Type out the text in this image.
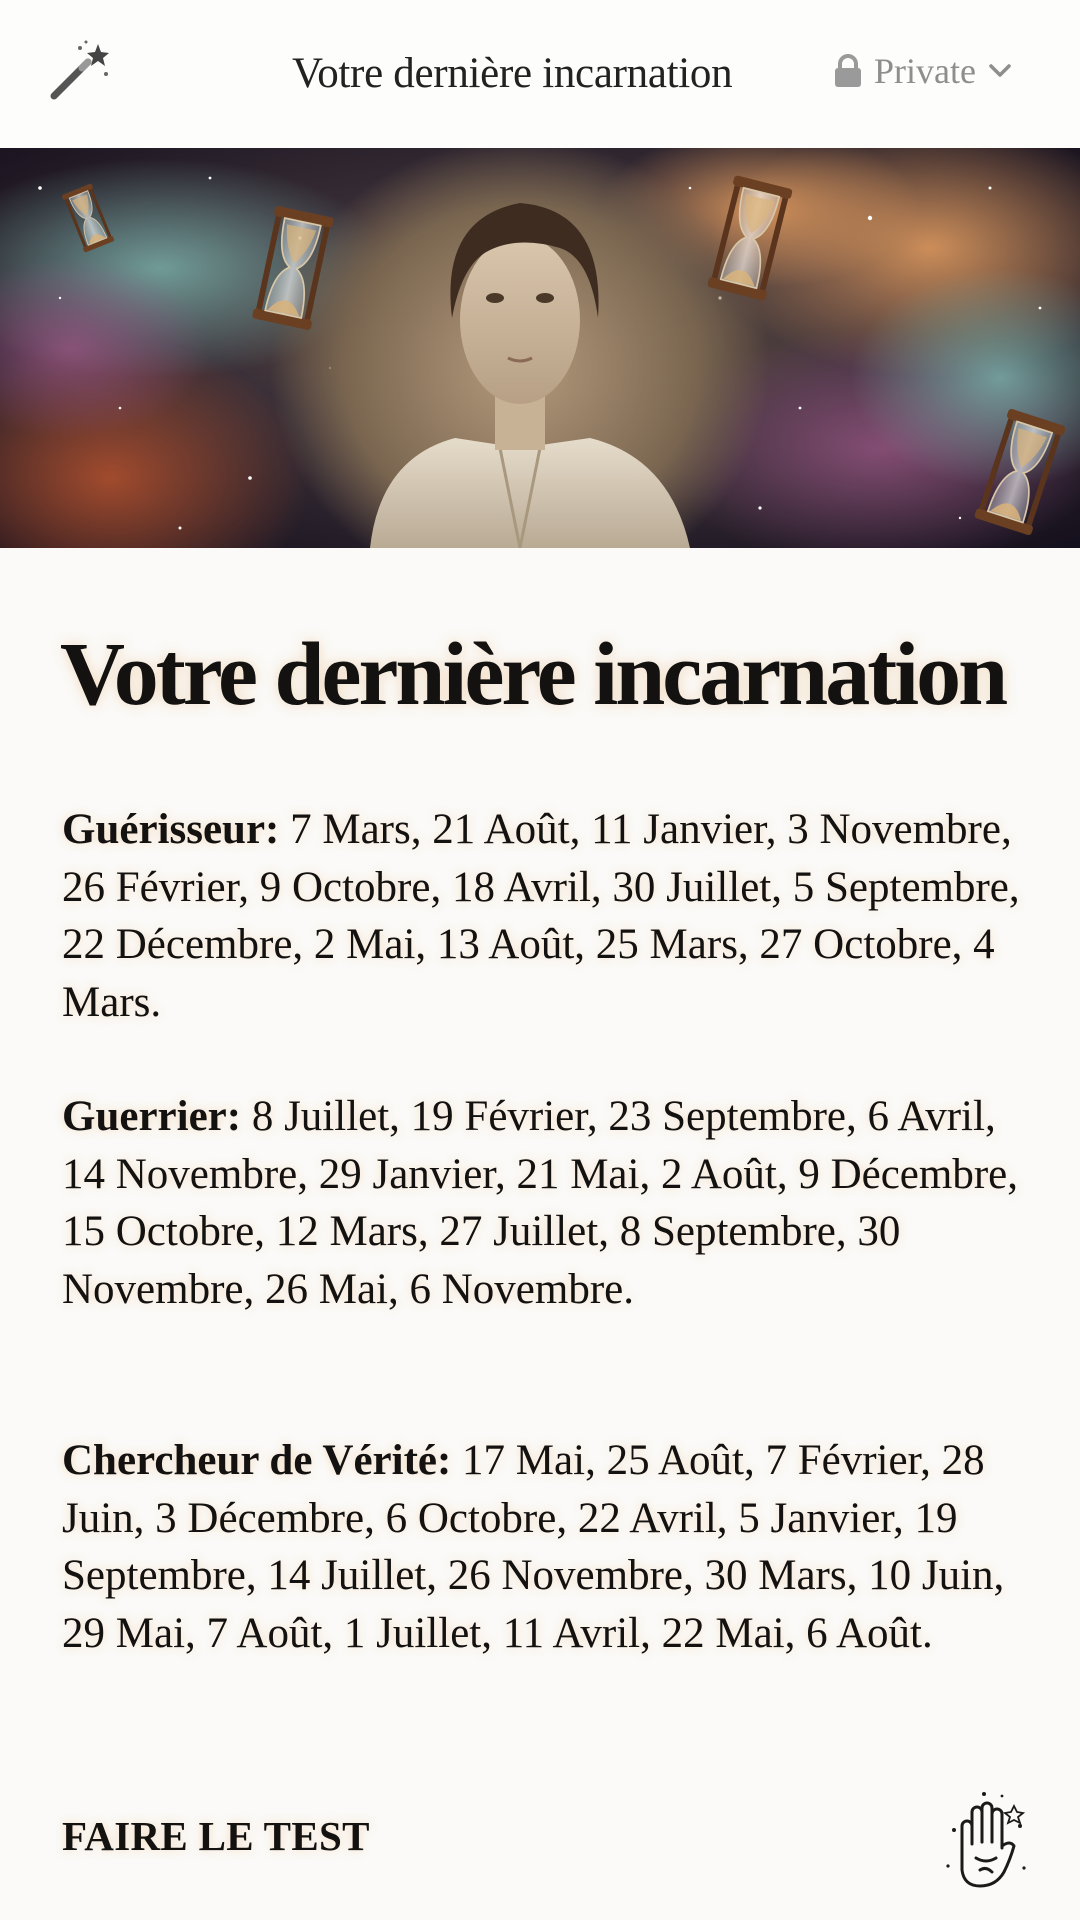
Votre dernière incarnation	Private
Votre dernière incarnation

Guérisseur: 7 Mars, 21 Août, 11 Janvier, 3 Novembre, 26 Février, 9 Octobre, 18 Avril, 30 Juillet, 5 Septembre, 22 Décembre, 2 Mai, 13 Août, 25 Mars, 27 Octobre, 4 Mars.

Guerrier: 8 Juillet, 19 Février, 23 Septembre, 6 Avril, 14 Novembre, 29 Janvier, 21 Mai, 2 Août, 9 Décembre, 15 Octobre, 12 Mars, 27 Juillet, 8 Septembre, 30 Novembre, 26 Mai, 6 Novembre.

Chercheur de Vérité: 17 Mai, 25 Août, 7 Février, 28 Juin, 3 Décembre, 6 Octobre, 22 Avril, 5 Janvier, 19 Septembre, 14 Juillet, 26 Novembre, 30 Mars, 10 Juin, 29 Mai, 7 Août, 1 Juillet, 11 Avril, 22 Mai, 6 Août.

FAIRE LE TEST
